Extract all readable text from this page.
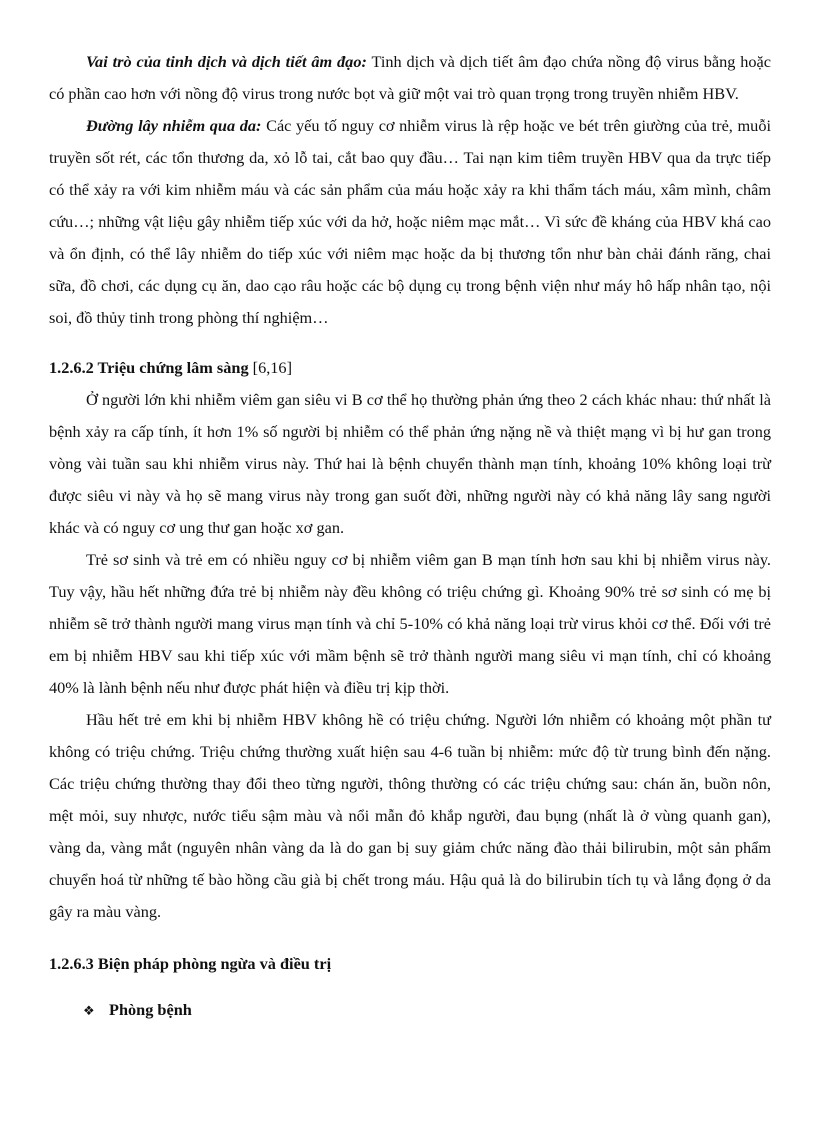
Vai trò của tinh dịch và dịch tiết âm đạo: Tinh dịch và dịch tiết âm đạo chứa nồng độ virus bằng hoặc có phần cao hơn với nồng độ virus trong nước bọt và giữ một vai trò quan trọng trong truyền nhiễm HBV.

Đường lây nhiễm qua da: Các yếu tố nguy cơ nhiễm virus là rệp hoặc ve bét trên giường của trẻ, muỗi truyền sốt rét, các tổn thương da, xỏ lỗ tai, cắt bao quy đầu… Tai nạn kim tiêm truyền HBV qua da trực tiếp có thể xảy ra với kim nhiễm máu và các sản phẩm của máu hoặc xảy ra khi thẩm tách máu, xâm mình, châm cứu…; những vật liệu gây nhiễm tiếp xúc với da hở, hoặc niêm mạc mắt… Vì sức đề kháng của HBV khá cao và ổn định, có thể lây nhiễm do tiếp xúc với niêm mạc hoặc da bị thương tổn như bàn chải đánh răng, chai sữa, đồ chơi, các dụng cụ ăn, dao cạo râu hoặc các bộ dụng cụ trong bệnh viện như máy hô hấp nhân tạo, nội soi, đồ thủy tinh trong phòng thí nghiệm…

1.2.6.2 Triệu chứng lâm sàng [6,16]

Ở người lớn khi nhiễm viêm gan siêu vi B cơ thể họ thường phản ứng theo 2 cách khác nhau: thứ nhất là bệnh xảy ra cấp tính, ít hơn 1% số người bị nhiễm có thể phản ứng nặng nề và thiệt mạng vì bị hư gan trong vòng vài tuần sau khi nhiễm virus này. Thứ hai là bệnh chuyển thành mạn tính, khoảng 10% không loại trừ được siêu vi này và họ sẽ mang virus này trong gan suốt đời, những người này có khả năng lây sang người khác và có nguy cơ ung thư gan hoặc xơ gan.

Trẻ sơ sinh và trẻ em có nhiều nguy cơ bị nhiễm viêm gan B mạn tính hơn sau khi bị nhiễm virus này. Tuy vậy, hầu hết những đứa trẻ bị nhiễm này đều không có triệu chứng gì. Khoảng 90% trẻ sơ sinh có mẹ bị nhiễm sẽ trở thành người mang virus mạn tính và chỉ 5-10% có khả năng loại trừ virus khỏi cơ thể. Đối với trẻ em bị nhiễm HBV sau khi tiếp xúc với mầm bệnh sẽ trở thành người mang siêu vi mạn tính, chỉ có khoảng 40% là lành bệnh nếu như được phát hiện và điều trị kịp thời.

Hầu hết trẻ em khi bị nhiễm HBV không hề có triệu chứng. Người lớn nhiễm có khoảng một phần tư không có triệu chứng. Triệu chứng thường xuất hiện sau 4-6 tuần bị nhiễm: mức độ từ trung bình đến nặng. Các triệu chứng thường thay đổi theo từng người, thông thường có các triệu chứng sau: chán ăn, buồn nôn, mệt mỏi, suy nhược, nước tiểu sậm màu và nổi mẫn đỏ khắp người, đau bụng (nhất là ở vùng quanh gan), vàng da, vàng mắt (nguyên nhân vàng da là do gan bị suy giảm chức năng đào thải bilirubin, một sản phẩm chuyển hoá từ những tế bào hồng cầu già bị chết trong máu. Hậu quả là do bilirubin tích tụ và lắng đọng ở da gây ra màu vàng.

1.2.6.3 Biện pháp phòng ngừa và điều trị

❖ Phòng bệnh
